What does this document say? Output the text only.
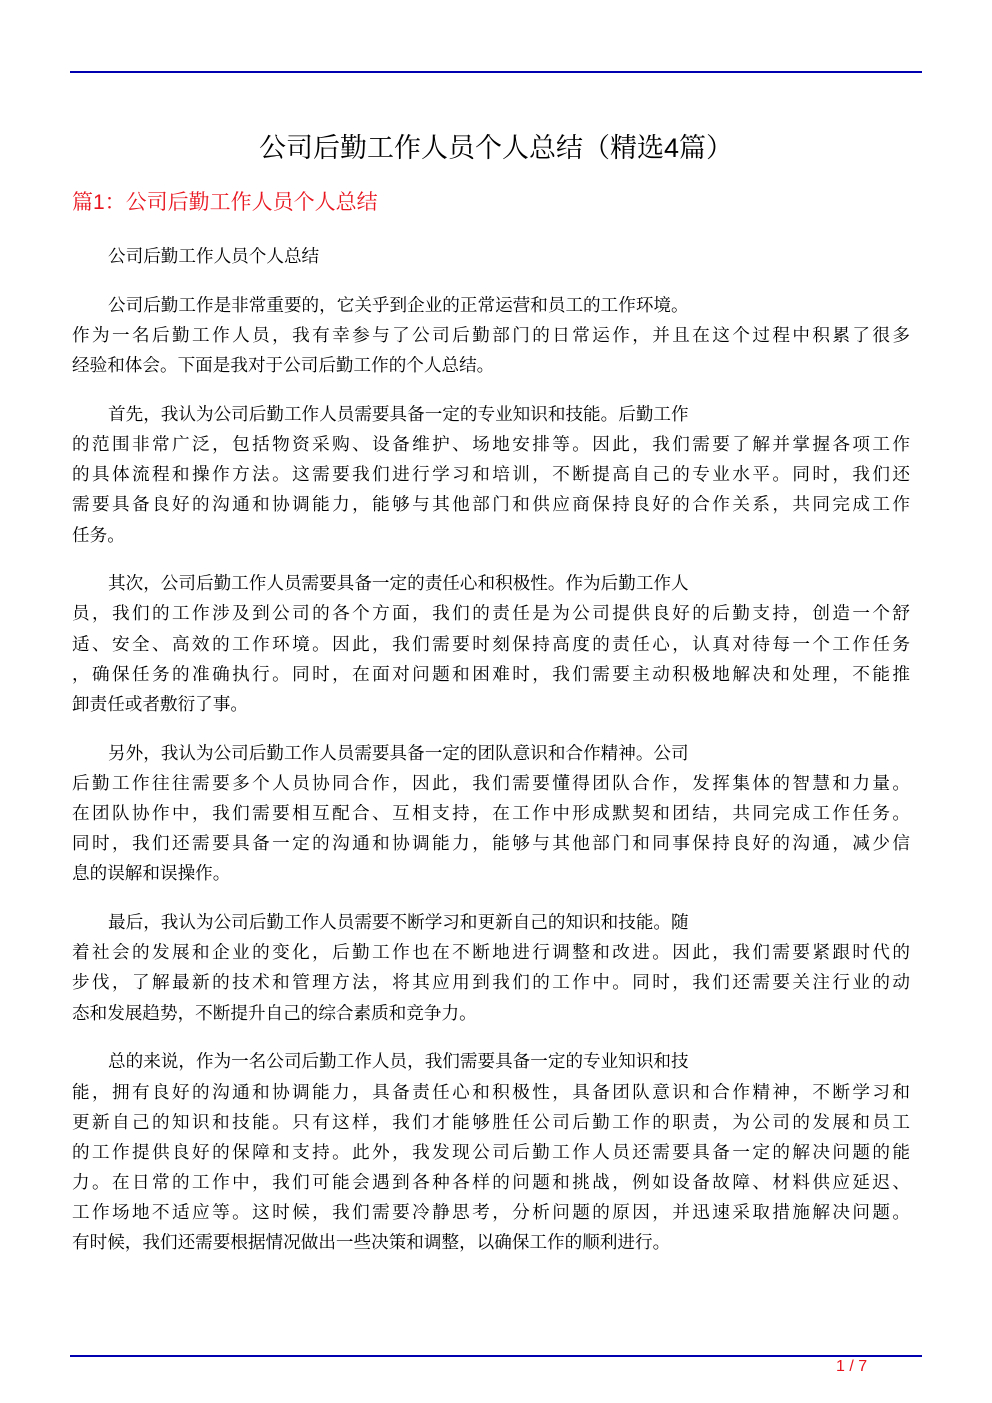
公司后勤工作人员个人总结（精选4篇）
篇1：公司后勤工作人员个人总结
公司后勤工作人员个人总结
公司后勤工作是非常重要的，它关乎到企业的正常运营和员工的工作环境。
作为一名后勤工作人员，我有幸参与了公司后勤部门的日常运作，并且在这个过程中积累了很多
经验和体会。下面是我对于公司后勤工作的个人总结。
首先，我认为公司后勤工作人员需要具备一定的专业知识和技能。后勤工作
的范围非常广泛，包括物资采购、设备维护、场地安排等。因此，我们需要了解并掌握各项工作
的具体流程和操作方法。这需要我们进行学习和培训，不断提高自己的专业水平。同时，我们还
需要具备良好的沟通和协调能力，能够与其他部门和供应商保持良好的合作关系，共同完成工作
任务。
其次，公司后勤工作人员需要具备一定的责任心和积极性。作为后勤工作人
员，我们的工作涉及到公司的各个方面，我们的责任是为公司提供良好的后勤支持，创造一个舒
适、安全、高效的工作环境。因此，我们需要时刻保持高度的责任心，认真对待每一个工作任务
，确保任务的准确执行。同时，在面对问题和困难时，我们需要主动积极地解决和处理，不能推
卸责任或者敷衍了事。
另外，我认为公司后勤工作人员需要具备一定的团队意识和合作精神。公司
后勤工作往往需要多个人员协同合作，因此，我们需要懂得团队合作，发挥集体的智慧和力量。
在团队协作中，我们需要相互配合、互相支持，在工作中形成默契和团结，共同完成工作任务。
同时，我们还需要具备一定的沟通和协调能力，能够与其他部门和同事保持良好的沟通，减少信
息的误解和误操作。
最后，我认为公司后勤工作人员需要不断学习和更新自己的知识和技能。随
着社会的发展和企业的变化，后勤工作也在不断地进行调整和改进。因此，我们需要紧跟时代的
步伐，了解最新的技术和管理方法，将其应用到我们的工作中。同时，我们还需要关注行业的动
态和发展趋势，不断提升自己的综合素质和竞争力。
总的来说，作为一名公司后勤工作人员，我们需要具备一定的专业知识和技
能，拥有良好的沟通和协调能力，具备责任心和积极性，具备团队意识和合作精神，不断学习和
更新自己的知识和技能。只有这样，我们才能够胜任公司后勤工作的职责，为公司的发展和员工
的工作提供良好的保障和支持。此外，我发现公司后勤工作人员还需要具备一定的解决问题的能
力。在日常的工作中，我们可能会遇到各种各样的问题和挑战，例如设备故障、材料供应延迟、
工作场地不适应等。这时候，我们需要冷静思考，分析问题的原因，并迅速采取措施解决问题。
有时候，我们还需要根据情况做出一些决策和调整，以确保工作的顺利进行。
1 / 7
